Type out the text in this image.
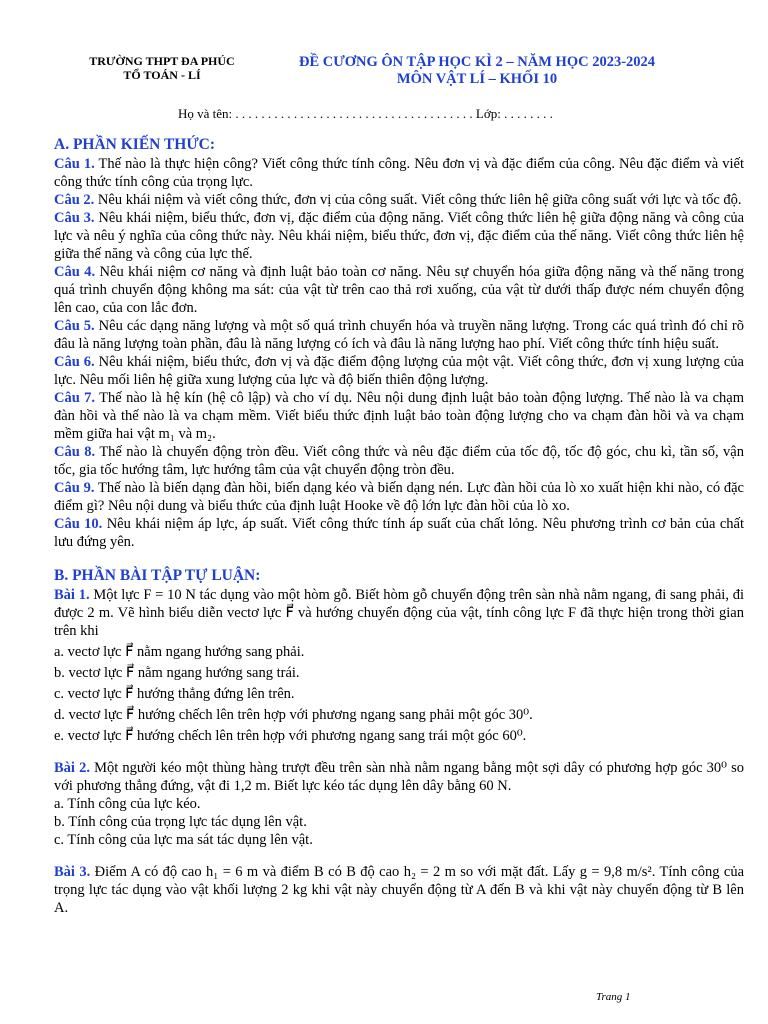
TRƯỜNG THPT ĐA PHÚC
TỔ TOÁN - LÍ
ĐỀ CƯƠNG ÔN TẬP HỌC KÌ 2 – NĂM HỌC 2023-2024
MÔN VẬT LÍ – KHỐI 10
Họ và tên: . . . . . . . . . . . . . . . . . . . . . . . . . . . . . . . . . . . . . Lớp: . . . . . . . .
A. PHẦN KIẾN THỨC:

Câu 1. Thế nào là thực hiện công? Viết công thức tính công. Nêu đơn vị và đặc điểm của công. Nêu đặc điểm và viết công thức tính công của trọng lực.

Câu 2. Nêu khái niệm và viết công thức, đơn vị của công suất. Viết công thức liên hệ giữa công suất với lực và tốc độ.

Câu 3. Nêu khái niệm, biểu thức, đơn vị, đặc điểm của động năng. Viết công thức liên hệ giữa động năng và công của lực và nêu ý nghĩa của công thức này. Nêu khái niệm, biểu thức, đơn vị, đặc điểm của thế năng. Viết công thức liên hệ giữa thế năng và công của lực thế.

Câu 4. Nêu khái niệm cơ năng và định luật bảo toàn cơ năng. Nêu sự chuyển hóa giữa động năng và thế năng trong quá trình chuyển động không ma sát: của vật từ trên cao thả rơi xuống, của vật từ dưới thấp được ném chuyển động lên cao, của con lắc đơn.

Câu 5. Nêu các dạng năng lượng và một số quá trình chuyển hóa và truyền năng lượng. Trong các quá trình đó chỉ rõ đâu là năng lượng toàn phần, đâu là năng lượng có ích và đâu là năng lượng hao phí. Viết công thức tính hiệu suất.

Câu 6. Nêu khái niệm, biểu thức, đơn vị và đặc điểm động lượng của một vật. Viết công thức, đơn vị xung lượng của lực. Nêu mối liên hệ giữa xung lượng của lực và độ biến thiên động lượng.

Câu 7. Thế nào là hệ kín (hệ cô lập) và cho ví dụ. Nêu nội dung định luật bảo toàn động lượng. Thế nào là va chạm đàn hồi và thế nào là va chạm mềm. Viết biểu thức định luật bảo toàn động lượng cho va chạm đàn hồi và va chạm mềm giữa hai vật m₁ và m₂.

Câu 8. Thế nào là chuyển động tròn đều. Viết công thức và nêu đặc điểm của tốc độ, tốc độ góc, chu kì, tần số, vận tốc, gia tốc hướng tâm, lực hướng tâm của vật chuyển động tròn đều.

Câu 9. Thế nào là biến dạng đàn hồi, biến dạng kéo và biến dạng nén. Lực đàn hồi của lò xo xuất hiện khi nào, có đặc điểm gì? Nêu nội dung và biểu thức của định luật Hooke về độ lớn lực đàn hồi của lò xo.

Câu 10. Nêu khái niệm áp lực, áp suất. Viết công thức tính áp suất của chất lỏng. Nêu phương trình cơ bản của chất lưu đứng yên.

B. PHẦN BÀI TẬP TỰ LUẬN:

Bài 1. Một lực F = 10 N tác dụng vào một hòm gỗ. Biết hòm gỗ chuyển động trên sàn nhà nằm ngang, đi sang phải, đi được 2 m. Vẽ hình biểu diễn vectơ lực F⃗ và hướng chuyển động của vật, tính công lực F đã thực hiện trong thời gian trên khi

a. vectơ lực F⃗ nằm ngang hướng sang phải.

b. vectơ lực F⃗ nằm ngang hướng sang trái.

c. vectơ lực F⃗ hướng thẳng đứng lên trên.

d. vectơ lực F⃗ hướng chếch lên trên hợp với phương ngang sang phải một góc 30⁰.

e. vectơ lực F⃗ hướng chếch lên trên hợp với phương ngang sang trái một góc 60⁰.

Bài 2. Một người kéo một thùng hàng trượt đều trên sàn nhà nằm ngang bằng một sợi dây có phương hợp góc 30⁰ so với phương thẳng đứng, vật đi 1,2 m. Biết lực kéo tác dụng lên dây bằng 60 N.

a. Tính công của lực kéo.

b. Tính công của trọng lực tác dụng lên vật.

c. Tính công của lực ma sát tác dụng lên vật.

Bài 3. Điểm A có độ cao h₁ = 6 m và điểm B có B độ cao h₂ = 2 m so với mặt đất. Lấy g = 9,8 m/s². Tính công của trọng lực tác dụng vào vật khối lượng 2 kg khi vật này chuyển động từ A đến B và khi vật này chuyển động từ B lên A.

Trang 1
